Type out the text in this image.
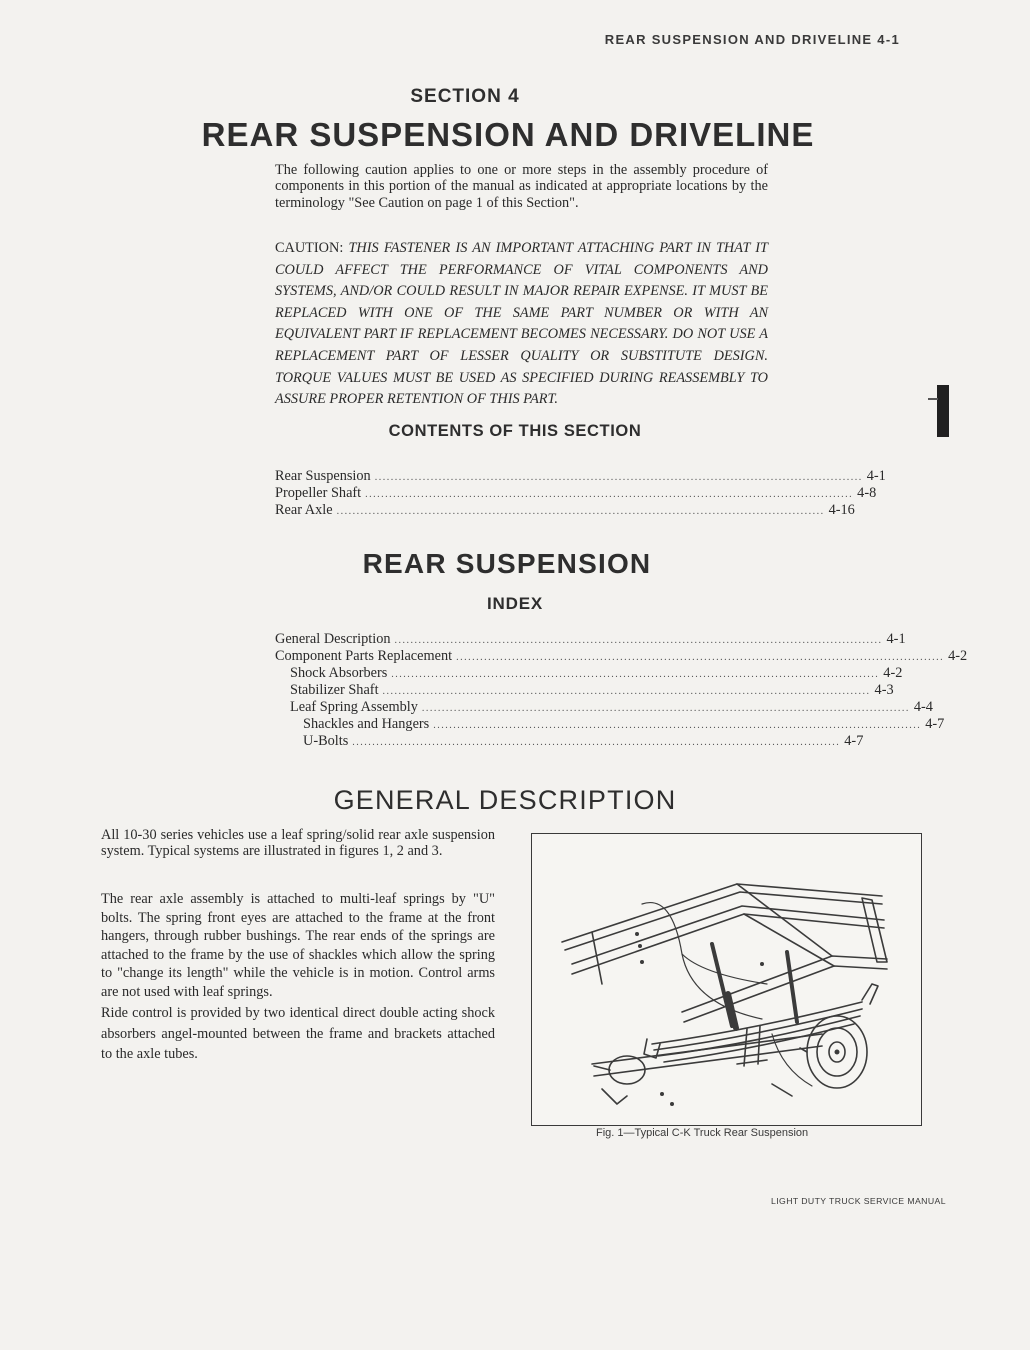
REAR SUSPENSION AND DRIVELINE 4-1
SECTION 4
REAR SUSPENSION AND DRIVELINE

The following caution applies to one or more steps in the assembly procedure of components in this portion of the manual as indicated at appropriate locations by the terminology "See Caution on page 1 of this Section".

CAUTION: THIS FASTENER IS AN IMPORTANT ATTACHING PART IN THAT IT COULD AFFECT THE PERFORMANCE OF VITAL COMPONENTS AND SYSTEMS, AND/OR COULD RESULT IN MAJOR REPAIR EXPENSE. IT MUST BE REPLACED WITH ONE OF THE SAME PART NUMBER OR WITH AN EQUIVALENT PART IF REPLACEMENT BECOMES NECESSARY. DO NOT USE A REPLACEMENT PART OF LESSER QUALITY OR SUBSTITUTE DESIGN. TORQUE VALUES MUST BE USED AS SPECIFIED DURING REASSEMBLY TO ASSURE PROPER RETENTION OF THIS PART.

CONTENTS OF THIS SECTION
Rear Suspension .......................................................................................................................... 4-1
Propeller Shaft .......................................................................................................................... 4-8
Rear Axle .......................................................................................................................... 4-16
REAR SUSPENSION
INDEX
General Description .......................................................................................................................... 4-1
Component Parts Replacement .......................................................................................................................... 4-2
Shock Absorbers .......................................................................................................................... 4-2
Stabilizer Shaft .......................................................................................................................... 4-3
Leaf Spring Assembly .......................................................................................................................... 4-4
Shackles and Hangers .......................................................................................................................... 4-7
U-Bolts .......................................................................................................................... 4-7
GENERAL DESCRIPTION

All 10-30 series vehicles use a leaf spring/solid rear axle suspension system. Typical systems are illustrated in figures 1, 2 and 3.

The rear axle assembly is attached to multi-leaf springs by "U" bolts. The spring front eyes are attached to the frame at the front hangers, through rubber bushings. The rear ends of the springs are attached to the frame by the use of shackles which allow the spring to "change its length" while the vehicle is in motion. Control arms are not used with leaf springs.

Ride control is provided by two identical direct double acting shock absorbers angel-mounted between the frame and brackets attached to the axle tubes.

Fig. 1—Typical C-K Truck Rear Suspension
LIGHT DUTY TRUCK SERVICE MANUAL
